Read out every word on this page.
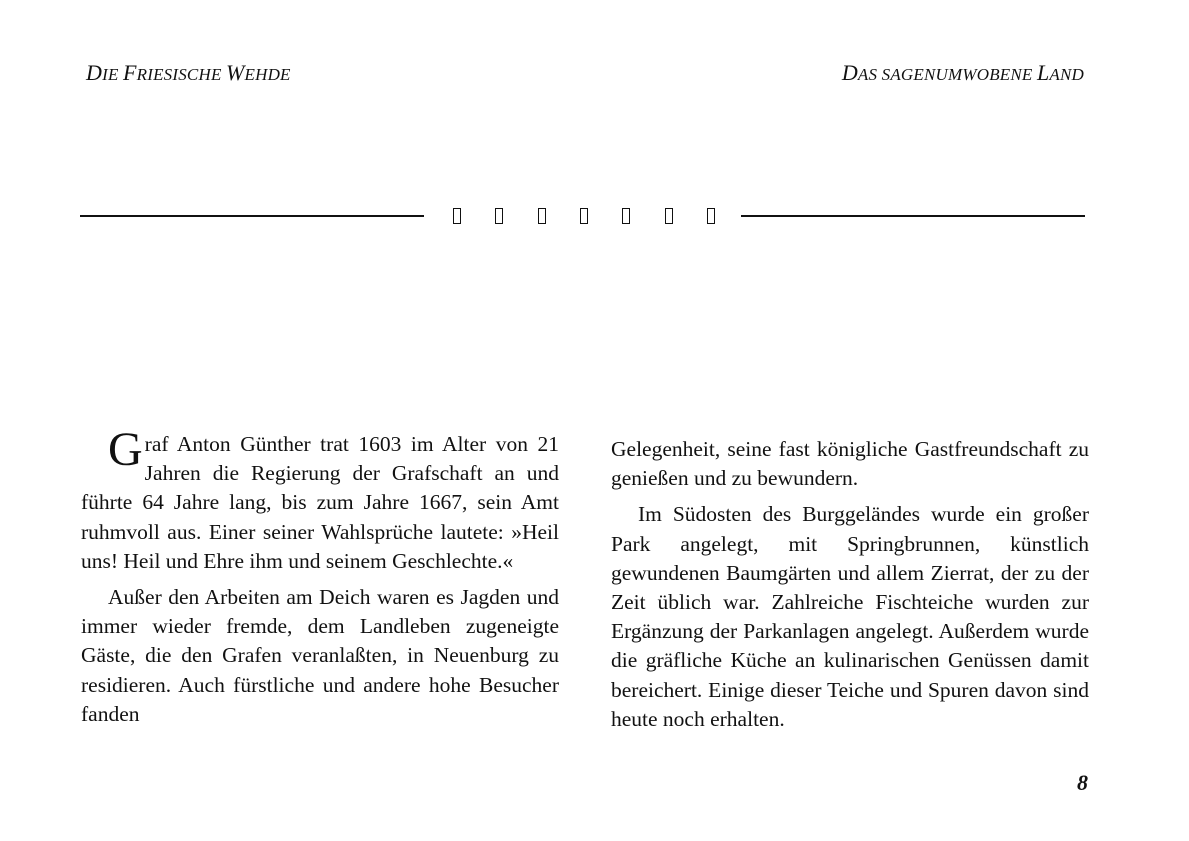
DIE FRIESISCHE WEHDE	DAS SAGENUMWOBENE LAND

Graf Anton Günther trat 1603 im Alter von 21 Jahren die Regierung der Grafschaft an und führte 64 Jahre lang, bis zum Jahre 1667, sein Amt ruhmvoll aus. Einer seiner Wahlsprüche lautete: »Heil uns! Heil und Ehre ihm und seinem Geschlechte.«

Außer den Arbeiten am Deich waren es Jagden und immer wieder fremde, dem Landleben zugeneigte Gäste, die den Grafen veranlaßten, in Neuenburg zu residieren. Auch fürstliche und andere hohe Besucher fanden

Gelegenheit, seine fast königliche Gastfreundschaft zu genießen und zu bewundern.

Im Südosten des Burggeländes wurde ein großer Park angelegt, mit Springbrunnen, künstlich gewundenen Baumgärten und allem Zierrat, der zu der Zeit üblich war. Zahlreiche Fischteiche wurden zur Ergänzung der Parkanlagen angelegt. Außerdem wurde die gräfliche Küche an kulinarischen Genüssen damit bereichert. Einige dieser Teiche und Spuren davon sind heute noch erhalten.

8
